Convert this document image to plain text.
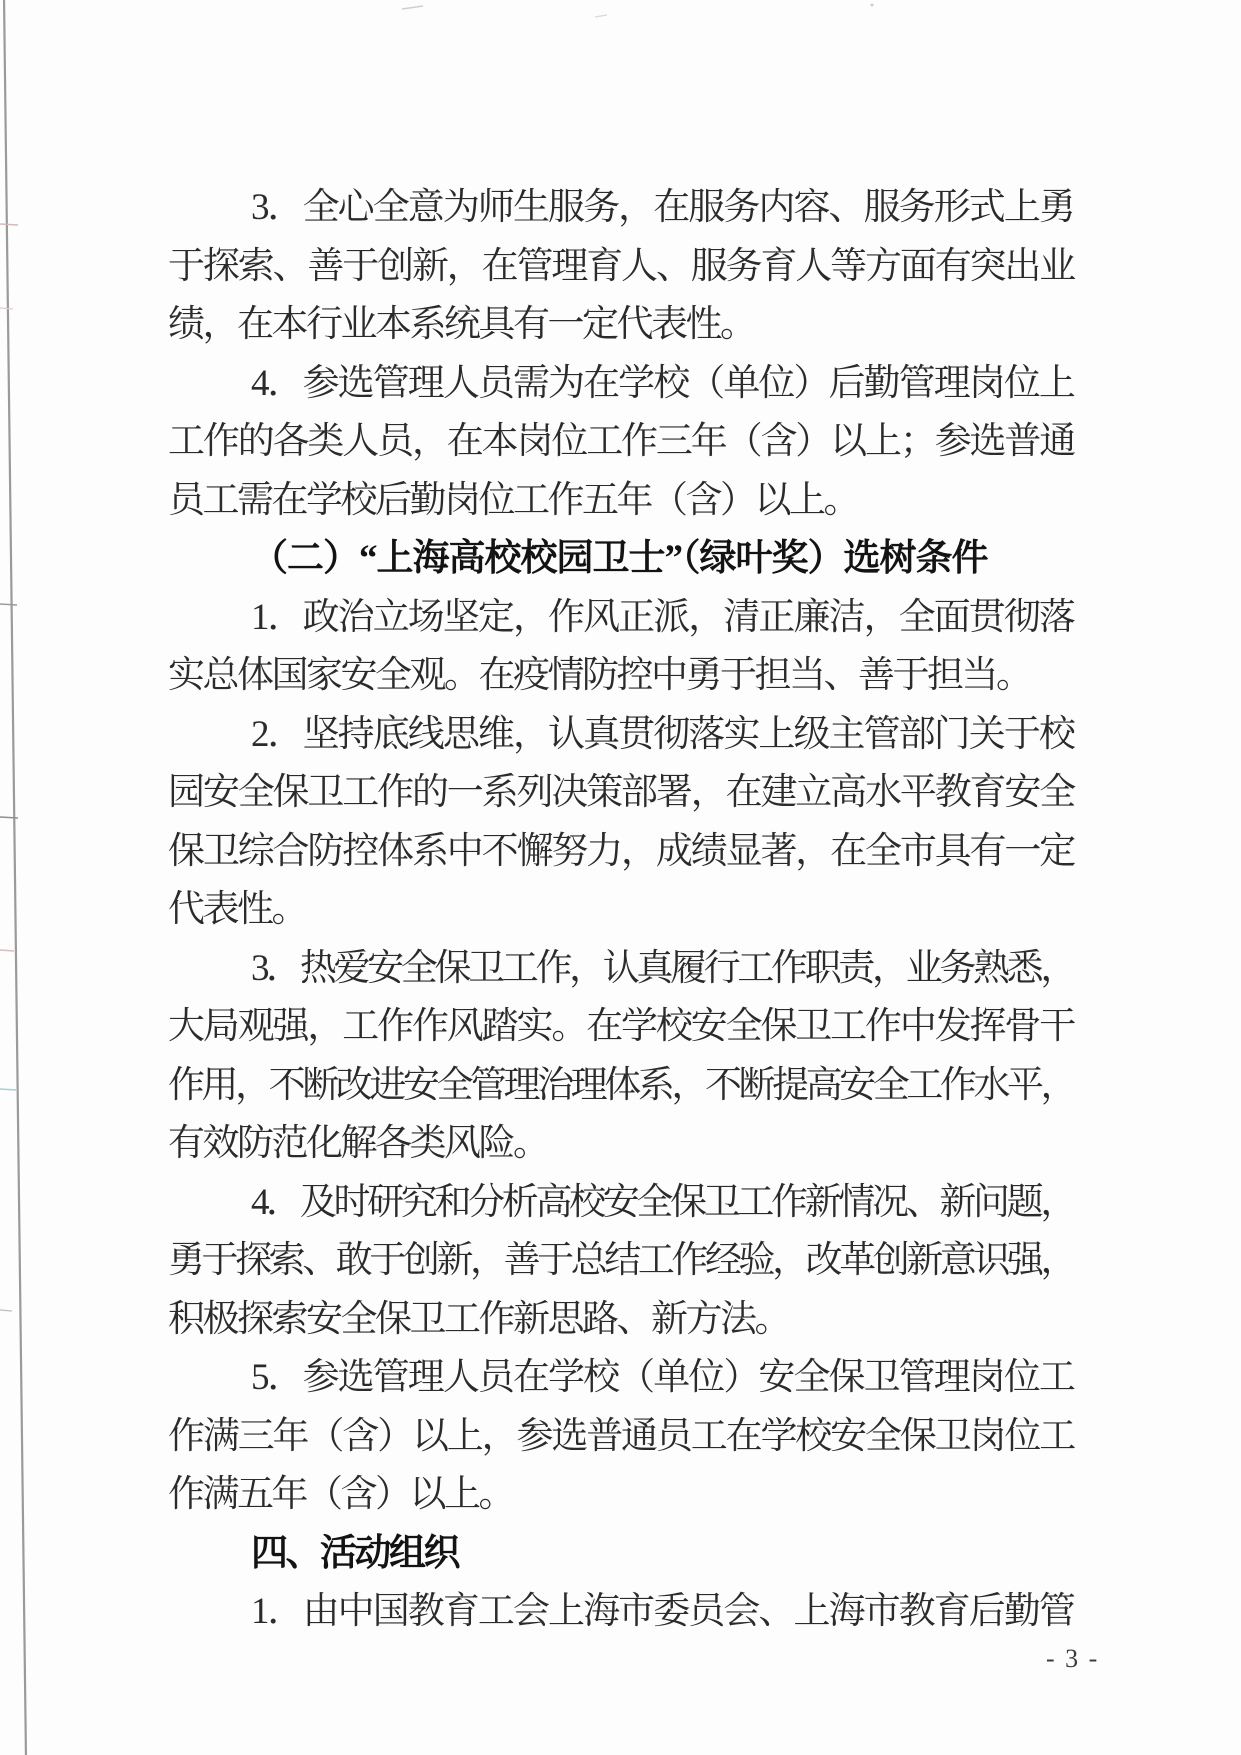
3．全心全意为师生服务，在服务内容、服务形式上勇
于探索、善于创新，在管理育人、服务育人等方面有突出业
绩，在本行业本系统具有一定代表性。
4．参选管理人员需为在学校（单位）后勤管理岗位上
工作的各类人员，在本岗位工作三年（含）以上；参选普通
员工需在学校后勤岗位工作五年（含）以上。
（二）“上海高校校园卫士”（绿叶奖）选树条件
1．政治立场坚定，作风正派，清正廉洁，全面贯彻落
实总体国家安全观。在疫情防控中勇于担当、善于担当。
2．坚持底线思维，认真贯彻落实上级主管部门关于校
园安全保卫工作的一系列决策部署，在建立高水平教育安全
保卫综合防控体系中不懈努力，成绩显著，在全市具有一定
代表性。
3．热爱安全保卫工作，认真履行工作职责，业务熟悉，
大局观强，工作作风踏实。在学校安全保卫工作中发挥骨干
作用，不断改进安全管理治理体系，不断提高安全工作水平，
有效防范化解各类风险。
4．及时研究和分析高校安全保卫工作新情况、新问题，
勇于探索、敢于创新，善于总结工作经验，改革创新意识强，
积极探索安全保卫工作新思路、新方法。
5．参选管理人员在学校（单位）安全保卫管理岗位工
作满三年（含）以上，参选普通员工在学校安全保卫岗位工
作满五年（含）以上。
四、活动组织
1．由中国教育工会上海市委员会、上海市教育后勤管
- 3 -
